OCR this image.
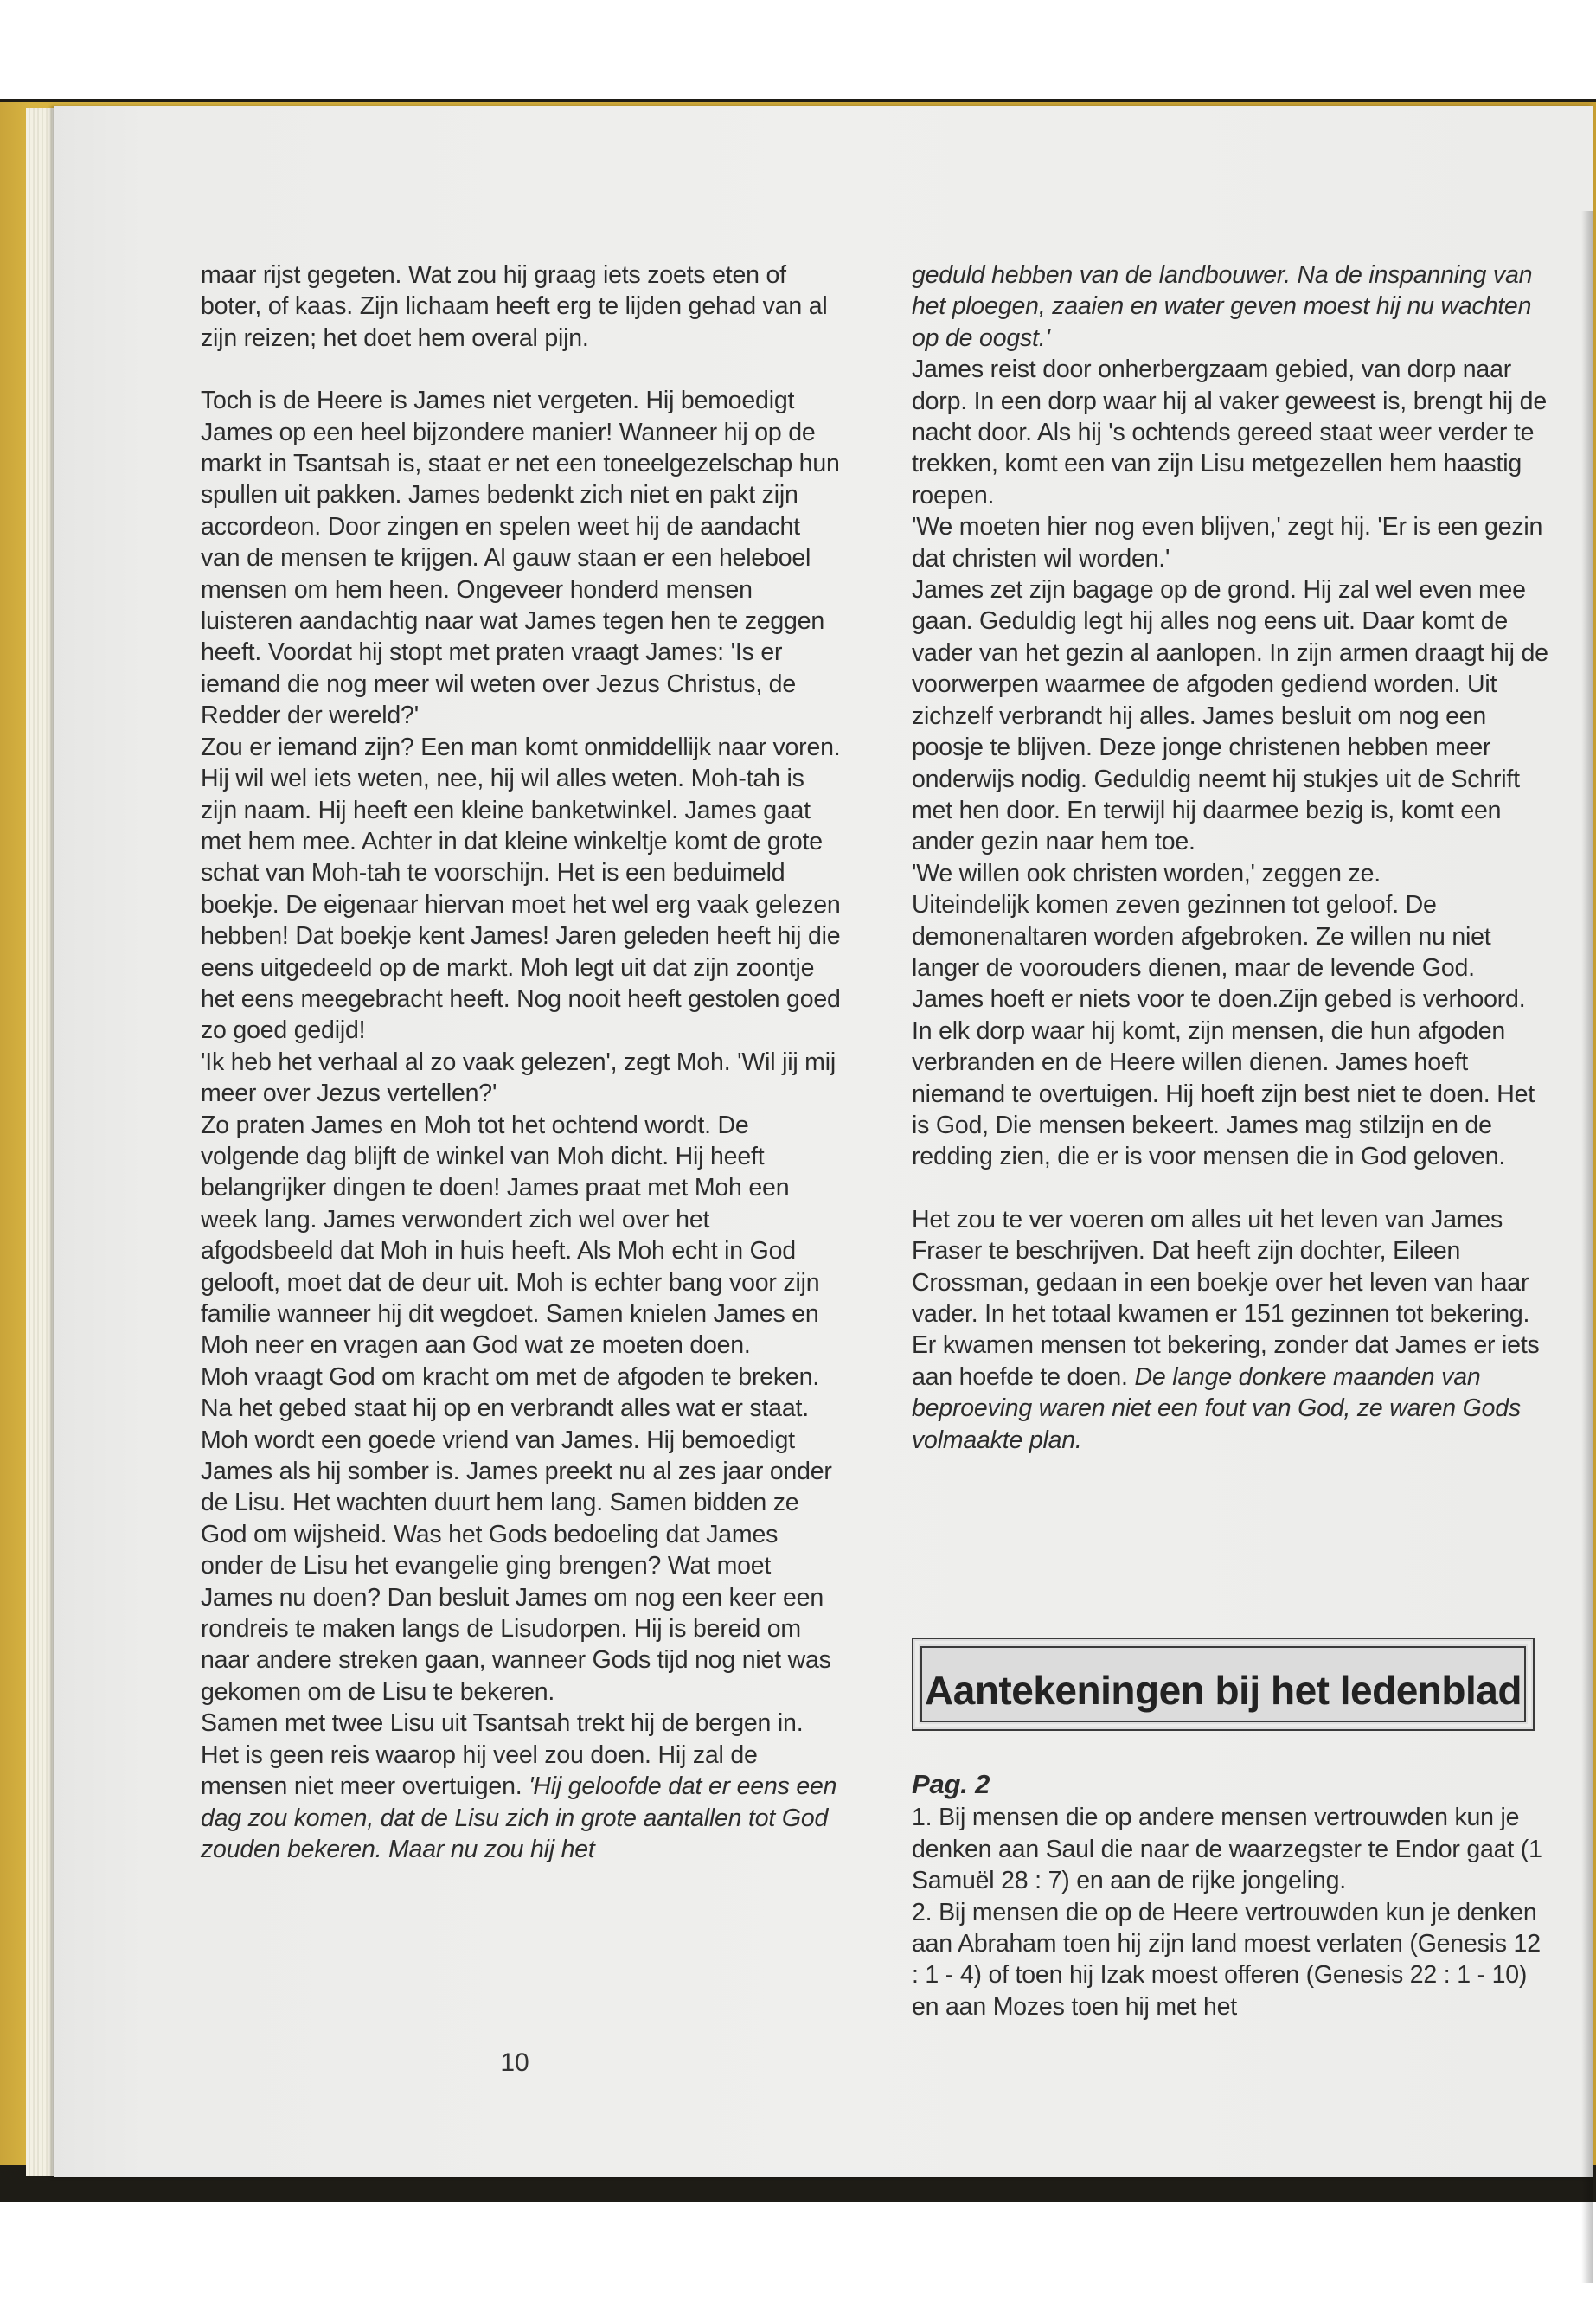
maar rijst gegeten. Wat zou hij graag iets zoets eten of boter, of kaas. Zijn lichaam heeft erg te lijden gehad van al zijn reizen; het doet hem overal pijn.

Toch is de Heere is James niet vergeten. Hij bemoedigt James op een heel bijzondere manier! Wanneer hij op de markt in Tsantsah is, staat er net een toneelgezelschap hun spullen uit pakken. James bedenkt zich niet en pakt zijn accordeon. Door zingen en spelen weet hij de aandacht van de mensen te krijgen. Al gauw staan er een heleboel mensen om hem heen. Ongeveer honderd mensen luisteren aandachtig naar wat James tegen hen te zeggen heeft. Voordat hij stopt met praten vraagt James: 'Is er iemand die nog meer wil weten over Jezus Christus, de Redder der wereld?'

Zou er iemand zijn? Een man komt onmiddellijk naar voren. Hij wil wel iets weten, nee, hij wil alles weten. Moh-tah is zijn naam. Hij heeft een kleine banketwinkel. James gaat met hem mee. Achter in dat kleine winkeltje komt de grote schat van Moh-tah te voorschijn. Het is een beduimeld boekje. De eigenaar hiervan moet het wel erg vaak gelezen hebben! Dat boekje kent James! Jaren geleden heeft hij die eens uitgedeeld op de markt. Moh legt uit dat zijn zoontje het eens meegebracht heeft. Nog nooit heeft gestolen goed zo goed gedijd!

'Ik heb het verhaal al zo vaak gelezen', zegt Moh. 'Wil jij mij meer over Jezus vertellen?'

Zo praten James en Moh tot het ochtend wordt. De volgende dag blijft de winkel van Moh dicht. Hij heeft belangrijker dingen te doen! James praat met Moh een week lang. James verwondert zich wel over het afgodsbeeld dat Moh in huis heeft. Als Moh echt in God gelooft, moet dat de deur uit. Moh is echter bang voor zijn familie wanneer hij dit wegdoet. Samen knielen James en Moh neer en vragen aan God wat ze moeten doen.

Moh vraagt God om kracht om met de afgoden te breken. Na het gebed staat hij op en verbrandt alles wat er staat.

Moh wordt een goede vriend van James. Hij bemoedigt James als hij somber is. James preekt nu al zes jaar onder de Lisu. Het wachten duurt hem lang. Samen bidden ze God om wijsheid. Was het Gods bedoeling dat James onder de Lisu het evangelie ging brengen? Wat moet James nu doen? Dan besluit James om nog een keer een rondreis te maken langs de Lisudorpen. Hij is bereid om naar andere streken gaan, wanneer Gods tijd nog niet was gekomen om de Lisu te bekeren.

Samen met twee Lisu uit Tsantsah trekt hij de bergen in. Het is geen reis waarop hij veel zou doen. Hij zal de mensen niet meer overtuigen. 'Hij geloofde dat er eens een dag zou komen, dat de Lisu zich in grote aantallen tot God zouden bekeren. Maar nu zou hij het

geduld hebben van de landbouwer. Na de inspanning van het ploegen, zaaien en water geven moest hij nu wachten op de oogst.'

James reist door onherbergzaam gebied, van dorp naar dorp. In een dorp waar hij al vaker geweest is, brengt hij de nacht door. Als hij 's ochtends gereed staat weer verder te trekken, komt een van zijn Lisu metgezellen hem haastig roepen.

'We moeten hier nog even blijven,' zegt hij. 'Er is een gezin dat christen wil worden.'

James zet zijn bagage op de grond. Hij zal wel even mee gaan. Geduldig legt hij alles nog eens uit. Daar komt de vader van het gezin al aanlopen. In zijn armen draagt hij de voorwerpen waarmee de afgoden gediend worden. Uit zichzelf verbrandt hij alles. James besluit om nog een poosje te blijven. Deze jonge christenen hebben meer onderwijs nodig. Geduldig neemt hij stukjes uit de Schrift met hen door. En terwijl hij daarmee bezig is, komt een ander gezin naar hem toe.

'We willen ook christen worden,' zeggen ze.

Uiteindelijk komen zeven gezinnen tot geloof. De demonenaltaren worden afgebroken. Ze willen nu niet langer de voorouders dienen, maar de levende God. James hoeft er niets voor te doen.Zijn gebed is verhoord. In elk dorp waar hij komt, zijn mensen, die hun afgoden verbranden en de Heere willen dienen. James hoeft niemand te overtuigen. Hij hoeft zijn best niet te doen. Het is God, Die mensen bekeert. James mag stilzijn en de redding zien, die er is voor mensen die in God geloven.

Het zou te ver voeren om alles uit het leven van James Fraser te beschrijven. Dat heeft zijn dochter, Eileen Crossman, gedaan in een boekje over het leven van haar vader. In het totaal kwamen er 151 gezinnen tot bekering. Er kwamen mensen tot bekering, zonder dat James er iets aan hoefde te doen. De lange donkere maanden van beproeving waren niet een fout van God, ze waren Gods volmaakte plan.

Aantekeningen bij het ledenblad

Pag. 2

1. Bij mensen die op andere mensen vertrouwden kun je denken aan Saul die naar de waarzegster te Endor gaat (1 Samuël 28 : 7) en aan de rijke jongeling.

2. Bij mensen die op de Heere vertrouwden kun je denken aan Abraham toen hij zijn land moest verlaten (Genesis 12 : 1 - 4) of toen hij Izak moest offeren (Genesis 22 : 1 - 10) en aan Mozes toen hij met het

10
